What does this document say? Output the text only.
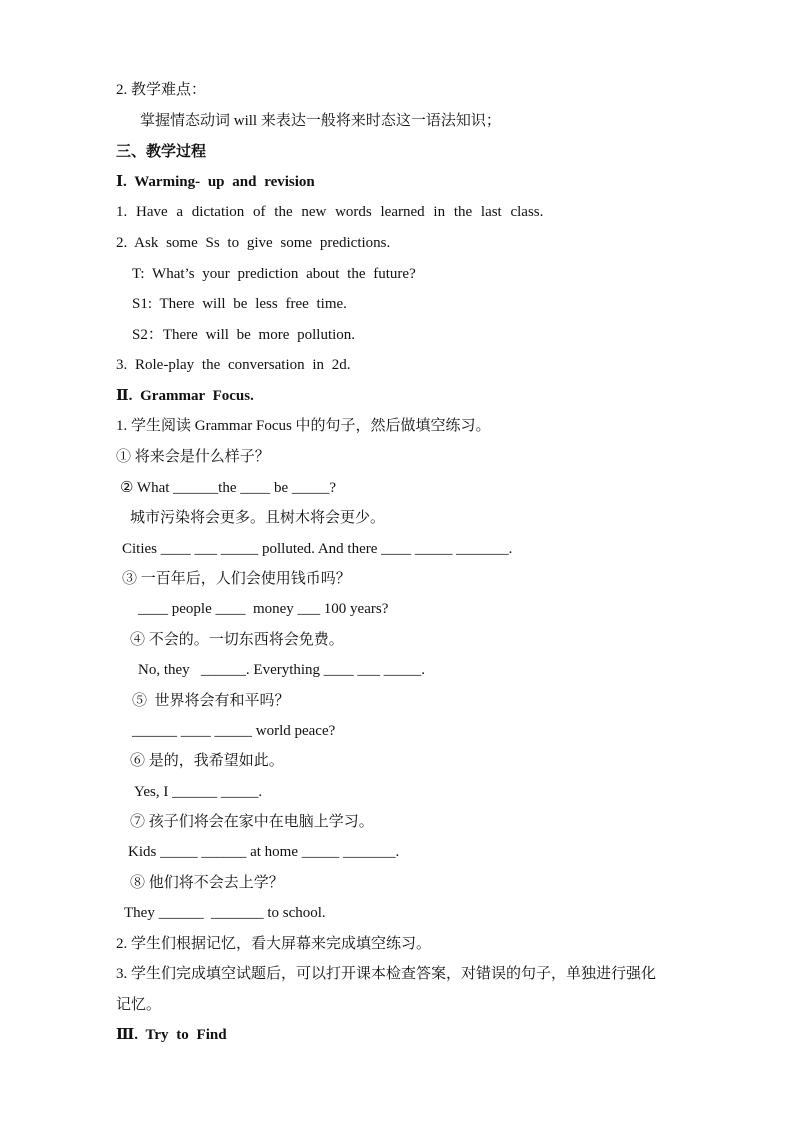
2. 教学难点：
掌握情态动词 will 来表达一般将来时态这一语法知识；
三、教学过程
Ⅰ. Warming- up and revision
1. Have a dictation of the new words learned in the last class.
2. Ask some Ss to give some predictions.
T: What’s your prediction about the future?
S1: There will be less free time.
S2：There will be more pollution.
3. Role-play the conversation in 2d.
Ⅱ. Grammar Focus.
1. 学生阅读 Grammar Focus 中的句子，然后做填空练习。
① 将来会是什么样子？
② What ______the ____ be _____?
城市污染将会更多。且树木将会更少。
Cities ____ ___ _____ polluted. And there ____ _____ _______.
③ 一百年后，人们会使用钱币吗？
____ people ____  money ___ 100 years?
④ 不会的。一切东西将会免费。
No, they   ______. Everything ____ ___ _____.
⑤  世界将会有和平吗？
______ ____ _____ world peace?
⑥ 是的，我希望如此。
Yes, I ______ _____.
⑦ 孩子们将会在家中在电脑上学习。
Kids _____ ______ at home _____ _______.
⑧ 他们将不会去上学？
They ______  _______ to school.
2. 学生们根据记忆，看大屏幕来完成填空练习。
3. 学生们完成填空试题后，可以打开课本检查答案，对错误的句子，单独进行强化
记忆。
Ⅲ. Try to Find
